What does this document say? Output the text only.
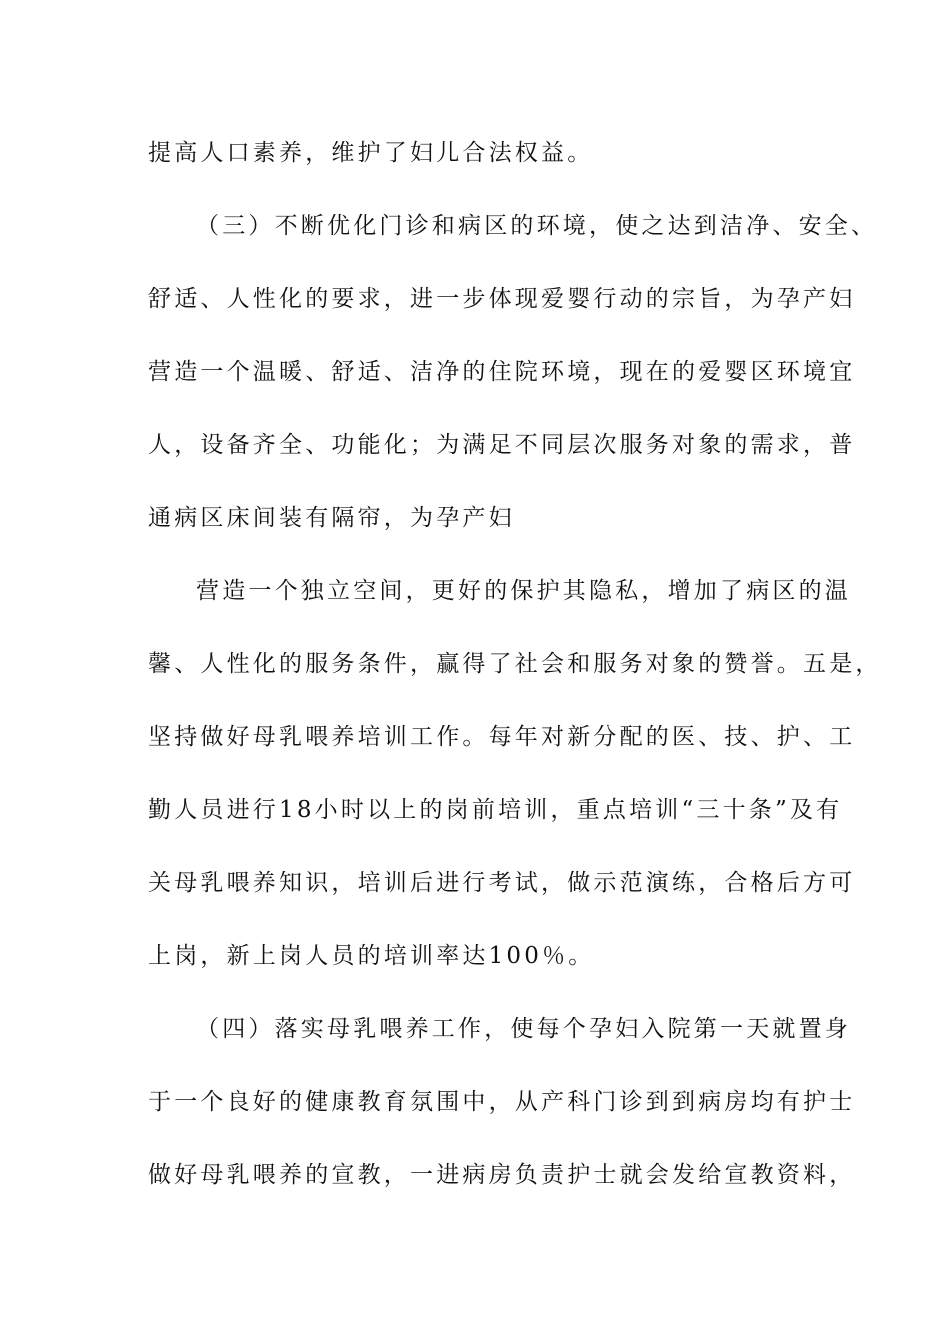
提高人口素养，维护了妇儿合法权益。
（三）不断优化门诊和病区的环境，使之达到洁净、安全、
舒适、人性化的要求，进一步体现爱婴行动的宗旨，为孕产妇
营造一个温暖、舒适、洁净的住院环境，现在的爱婴区环境宜
人，设备齐全、功能化；为满足不同层次服务对象的需求，普
通病区床间装有隔帘，为孕产妇
营造一个独立空间，更好的保护其隐私，增加了病区的温
馨、人性化的服务条件，赢得了社会和服务对象的赞誉。五是，
坚持做好母乳喂养培训工作。每年对新分配的医、技、护、工
勤人员进行18小时以上的岗前培训，重点培训“三十条”及有
关母乳喂养知识，培训后进行考试，做示范演练，合格后方可
上岗，新上岗人员的培训率达100％。
（四）落实母乳喂养工作，使每个孕妇入院第一天就置身
于一个良好的健康教育氛围中，从产科门诊到到病房均有护士
做好母乳喂养的宣教，一进病房负责护士就会发给宣教资料，
